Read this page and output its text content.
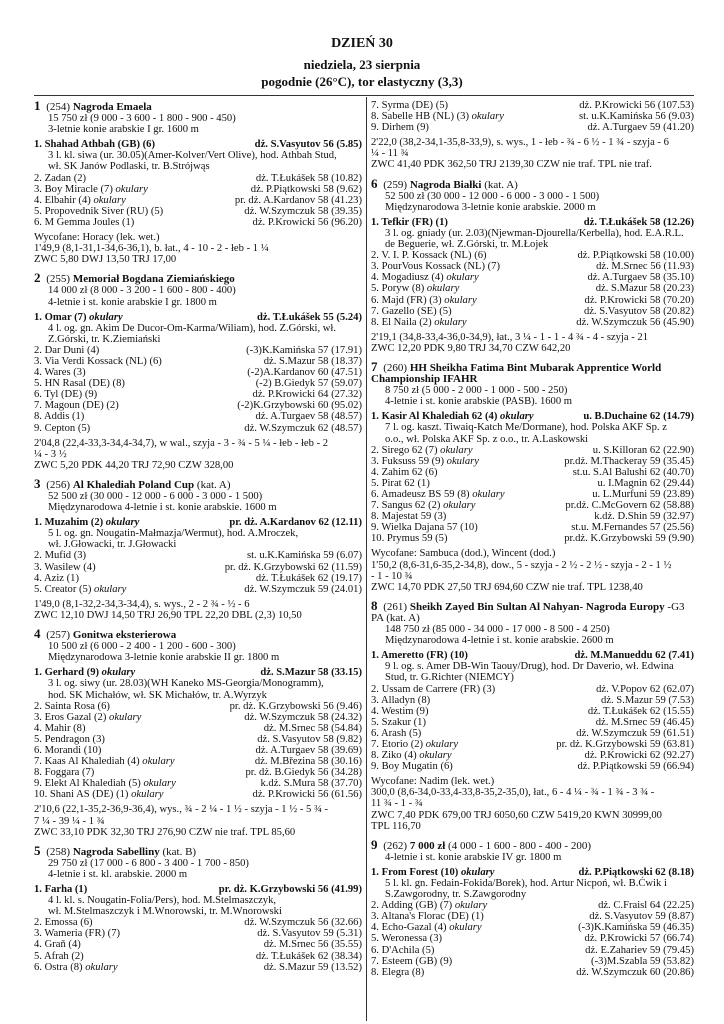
DZIEŃ 30
niedziela, 23 sierpnia
pogodnie (26°C), tor elastyczny (3,3)
1 (254) Nagroda Emaela
15 750 zł (9 000 - 3 600 - 1 800 - 900 - 450)
3-letnie konie arabskie I gr. 1600 m
1. Shahad Athbah (GB) (6)	dż. S.Vasyutov 56 (5.85)
3 l. kl. siwa (ur. 30.05)(Amer-Kolver/Vert Olive), hod. Athbah Stud,
wł. SK Janów Podlaski, tr. B.Strójwąs
2. Zadan (2)	dż. T.Łukášek 58 (10.82)
3. Boy Miracle (7) okulary	dż. P.Piątkowski 58 (9.62)
4. Elbahir (4) okulary	pr. dż. A.Kardanov 58 (41.23)
5. Propovednik Siver (RU) (5)	dż. W.Szymczuk 58 (39.35)
6. M Gemma Joules (1)	dż. P.Krowicki 56 (96.20)
Wycofane: Horacy (lek. wet.)
1'49,9 (8,1-31,1-34,6-36,1), b. łat., 4 - 10 - 2 - łeb - 1 ¼
ZWC 5,80 DWJ 13,50 TRJ 17,00
2 (255) Memoriał Bogdana Ziemiańskiego
14 000 zł (8 000 - 3 200 - 1 600 - 800 - 400)
4-letnie i st. konie arabskie I gr. 1800 m
1. Omar (7) okulary	dż. T.Łukášek 55 (5.24)
4 l. og. gn. Akim De Ducor-Om-Karma/Wiliam), hod. Z.Górski, wł.
Z.Górski, tr. K.Ziemiański
2. Dar Duni (4)	(-3)K.Kamińska 57 (17.91)
3. Via Verdi Kossack (NL) (6)	dż. S.Mazur 58 (18.37)
4. Wares (3)	(-2)A.Kardanov 60 (47.51)
5. HN Rasal (DE) (8)	(-2) B.Giedyk 57 (59.07)
6. Tyl (DE) (9)	dż. P.Krowicki 64 (27.32)
7. Magoun (DE) (2)	(-2)K.Grzybowski 60 (95.02)
8. Addis (1)	dż. A.Turgaev 58 (48.57)
9. Cepton (5)	dż. W.Szymczuk 62 (48.57)
2'04,8 (22,4-33,3-34,4-34,7), w wal., szyja - 3 - ¾ - 5 ¼ - łeb - łeb - 2
¼ - 3 ½
ZWC 5,20 PDK 44,20 TRJ 72,90 CZW 328,00
3 (256) Al Khalediah Poland Cup (kat. A)
52 500 zł (30 000 - 12 000 - 6 000 - 3 000 - 1 500)
Międzynarodowa 4-letnie i st. konie arabskie. 1600 m
1. Muzahim (2) okulary	pr. dż. A.Kardanov 62 (12.11)
5 l. og. gn. Nougatin-Małmazja/Wermut), hod. A.Mroczek,
wł. J.Głowacki, tr. J.Głowacki
2. Mufid (3)	st. u.K.Kamińska 59 (6.07)
3. Wasilew (4)	pr. dż. K.Grzybowski 62 (11.59)
4. Aziz (1)	dż. T.Łukášek 62 (19.17)
5. Creator (5) okulary	dż. W.Szymczuk 59 (24.01)
1'49,0 (8,1-32,2-34,3-34,4), s. wys., 2 - 2 ¾ - ½ - 6
ZWC 12,10 DWJ 14,50 TRJ 26,90 TPL 22,20 DBL (2,3) 10,50
4 (257) Gonitwa eksterierowa
10 500 zł (6 000 - 2 400 - 1 200 - 600 - 300)
Międzynarodowa 3-letnie konie arabskie II gr. 1800 m
1. Gerhard (9) okulary	dż. S.Mazur 58 (33.15)
3 l. og. siwy (ur. 28.03)(WH Kaneko MS-Georgia/Monogramm),
hod. SK Michałów, wł. SK Michałów, tr. A.Wyrzyk
2. Sainta Rosa (6)	pr. dż. K.Grzybowski 56 (9.46)
3. Eros Gazal (2) okulary	dż. W.Szymczuk 58 (24.32)
4. Mahir (8)	dż. M.Srnec 58 (54.84)
5. Pendragon (3)	dż. S.Vasyutov 58 (9.82)
6. Morandi (10)	dż. A.Turgaev 58 (39.69)
7. Kaas Al Khalediah (4) okulary	dż. M.Březina 58 (30.16)
8. Foggara (7)	pr. dż. B.Giedyk 56 (34.28)
9. Elekt Al Khalediah (5) okulary	k.dż. S.Mura 58 (37.70)
10. Shani AS (DE) (1) okulary	dż. P.Krowicki 56 (61.56)
2'10,6 (22,1-35,2-36,9-36,4), wys., ¾ - 2 ¼ - 1 ½ - szyja - 1 ½ - 5 ¾ -
7 ¼ - 39 ¼ - 1 ¾
ZWC 33,10 PDK 32,30 TRJ 276,90 CZW nie traf. TPL 85,60
5 (258) Nagroda Sabelliny (kat. B)
29 750 zł (17 000 - 6 800 - 3 400 - 1 700 - 850)
4-letnie i st. kl. arabskie. 2000 m
1. Farha (1)	pr. dż. K.Grzybowski 56 (41.99)
4 l. kl. s. Nougatin-Folia/Pers), hod. M.Stelmaszczyk,
wł. M.Stelmaszczyk i M.Wnorowski, tr. M.Wnorowski
2. Emossa (6)	dż. W.Szymczuk 56 (32.66)
3. Wameria (FR) (7)	dż. S.Vasyutov 59 (5.31)
4. Graň (4)	dż. M.Srnec 56 (35.55)
5. Afrah (2)	dż. T.Łukášek 62 (38.34)
6. Ostra (8) okulary	dż. S.Mazur 59 (13.52)
7. Syrma (DE) (5)	dż. P.Krowicki 56 (107.53)
8. Sabelle HB (NL) (3) okulary	st. u.K.Kamińska 56 (9.03)
9. Dirhem (9)	dż. A.Turgaev 59 (41.20)
2'22,0 (38,2-34,1-35,8-33,9), s. wys., 1 - łeb - ¾ - 6 ½ - 1 ¾ - szyja - 6
¼ - 11 ¾
ZWC 41,40 PDK 362,50 TRJ 2139,30 CZW nie traf. TPL nie traf.
6 (259) Nagroda Białki (kat. A)
52 500 zł (30 000 - 12 000 - 6 000 - 3 000 - 1 500)
Międzynarodowa 3-letnie konie arabskie. 2000 m
1. Tefkir (FR) (1)	dż. T.Łukášek 58 (12.26)
3 l. og. gniady (ur. 2.03)(Njewman-Djourella/Kerbella), hod. E.A.R.L.
de Beguerie, wł. Z.Górski, tr. M.Łojek
2. V. I. P. Kossack (NL) (6)	dż. P.Piątkowski 58 (10.00)
3. PourVous Kossack (NL) (7)	dż. M.Srnec 56 (11.93)
4. Mogadiusz (4) okulary	dż. A.Turgaev 58 (35.10)
5. Poryw (8) okulary	dż. S.Mazur 58 (20.23)
6. Majd (FR) (3) okulary	dż. P.Krowicki 58 (70.20)
7. Gazello (SE) (5)	dż. S.Vasyutov 58 (20.82)
8. El Naila (2) okulary	dż. W.Szymczuk 56 (45.90)
2'19,1 (34,8-33,4-36,0-34,9), łat., 3 ¼ - 1 - 1 - 4 ¾ - 4 - szyja - 21
ZWC 12,20 PDK 9,80 TRJ 34,70 CZW 642,20
7 (260) HH Sheikha Fatima Bint Mubarak Apprentice World Championship IFAHR
8 750 zł (5 000 - 2 000 - 1 000 - 500 - 250)
4-letnie i st. konie arabskie (PASB). 1600 m
1. Kasir Al Khalediah 62 (4) okulary	u. B.Duchaine 62 (14.79)
7 l. og. kaszt. Tiwaiq-Katch Me/Dormane), hod. Polska AKF Sp. z
o.o., wł. Polska AKF Sp. z o.o., tr. A.Laskowski
2. Sirego 62 (7) okulary	u. S.Killoran 62 (22.90)
3. Fuksuss 59 (9) okulary	pr.dż. M.Thackeray 59 (35.45)
4. Zahim 62 (6)	st.u. S.Al Balushi 62 (40.70)
5. Pirat 62 (1)	u. I.Magnin 62 (29.44)
6. Amadeusz BS 59 (8) okulary	u. L.Murfuni 59 (23.89)
7. Sangus 62 (2) okulary	pr.dż. C.McGovern 62 (58.88)
8. Majestat 59 (3)	k.dż. D.Shin 59 (32.97)
9. Wielka Dajana 57 (10)	st.u. M.Fernandes 57 (25.56)
10. Prymus 59 (5)	pr.dż. K.Grzybowski 59 (9.90)
Wycofane: Sambuca (dod.), Wincent (dod.)
1'50,2 (8,6-31,6-35,2-34,8), dow., 5 - szyja - 2 ½ - 2 ½ - szyja - 2 - 1 ½
- 1 - 10 ¾
ZWC 14,70 PDK 27,50 TRJ 694,60 CZW nie traf. TPL 1238,40
8 (261) Sheikh Zayed Bin Sultan Al Nahyan- Nagroda Europy -G3 PA (kat. A)
148 750 zł (85 000 - 34 000 - 17 000 - 8 500 - 4 250)
Międzynarodowa 4-letnie i st. konie arabskie. 2600 m
1. Ameretto (FR) (10)	dż. M.Manueddu 62 (7.41)
9 l. og. s. Amer DB-Win Taouy/Drug), hod. Dr Daverio, wł. Edwina
Stud, tr. G.Richter (NIEMCY)
2. Ussam de Carrere (FR) (3)	dż. V.Popov 62 (62.07)
3. Alladyn (8)	dż. S.Mazur 59 (7.53)
4. Westim (9)	dż. T.Łukášek 62 (15.55)
5. Szakur (1)	dż. M.Srnec 59 (46.45)
6. Arash (5)	dż. W.Szymczuk 59 (61.51)
7. Etorio (2) okulary	pr. dż. K.Grzybowski 59 (63.81)
8. Ziko (4) okulary	dż. P.Krowicki 62 (92.27)
9. Boy Mugatin (6)	dż. P.Piątkowski 59 (66.94)
Wycofane: Nadim (lek. wet.)
300,0 (8,6-34,0-33,4-33,8-35,2-35,0), łat., 6 - 4 ¼ - ¾ - 1 ¾ - 3 ¾ -
11 ¾ - 1 - ¾
ZWC 7,40 PDK 679,00 TRJ 6050,60 CZW 5419,20 KWN 30999,00
TPL 116,70
9 (262) 7 000 zł (4 000 - 1 600 - 800 - 400 - 200)
4-letnie i st. konie arabskie IV gr. 1800 m
1. From Forest (10) okulary	dż. P.Piątkowski 62 (8.18)
5 l. kl. gn. Fedain-Fokida/Borek), hod. Artur Nicpoń, wł. B.Ćwik i
S.Zawgorodny, tr. S.Zawgorodny
2. Adding (GB) (7) okulary	dż. C.Fraisl 64 (22.25)
3. Altana's Florac (DE) (1)	dż. S.Vasyutov 59 (8.87)
4. Echo-Gazal (4) okulary	(-3)K.Kamińska 59 (46.35)
5. Weronessa (3)	dż. P.Krowicki 57 (66.74)
6. D'Achila (5)	dż. E.Zahariev 59 (79.45)
7. Esteem (GB) (9)	(-3)M.Szabla 59 (53.82)
8. Elegra (8)	dż. W.Szymczuk 60 (20.86)
